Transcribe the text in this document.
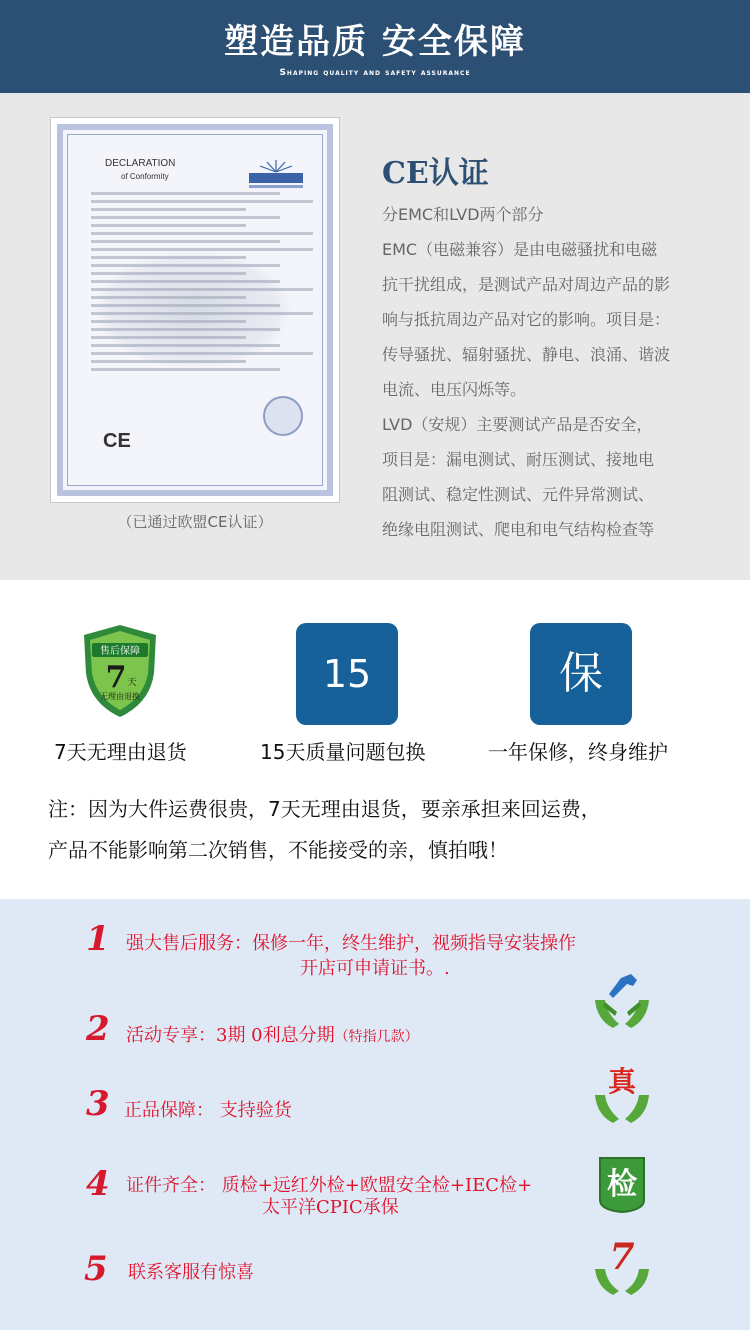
塑造品质 安全保障
Shaping quality and safety assurance
DECLARATION
of Conformity
CE
（已通过欧盟CE认证）
CE认证
分EMC和LVD两个部分
EMC（电磁兼容）是由电磁骚扰和电磁
抗干扰组成，是测试产品对周边产品的影
响与抵抗周边产品对它的影响。项目是：
传导骚扰、辐射骚扰、静电、浪涌、谐波
电流、电压闪烁等。
LVD（安规）主要测试产品是否安全，
项目是：漏电测试、耐压测试、接地电
阻测试、稳定性测试、元件异常测试、
绝缘电阻测试、爬电和电气结构检查等
售后保障
7 天
无理由退换
15	保
7天无理由退货	15天质量问题包换	一年保修，终身维护
注：因为大件运费很贵，7天无理由退货，要亲承担来回运费，
产品不能影响第二次销售，不能接受的亲，慎拍哦！
1 强大售后服务：保修一年，终生维护，视频指导安装操作
开店可申请证书。.
2 活动专享：3期 0利息分期（特指几款）
3 正品保障： 支持验货
4 证件齐全： 质检+远红外检+欧盟安全检+IEC检+
太平洋CPIC承保
5 联系客服有惊喜
真
检
7
